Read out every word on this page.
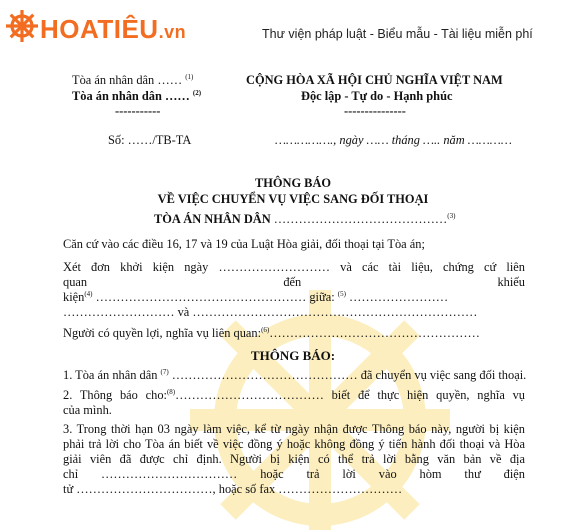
HOATIÊU.vn	Thư viện pháp luật - Biểu mẫu - Tài liệu miễn phí
Tòa án nhân dân …… $^{(1)}$
Tòa án nhân dân …… $^{(2)}$
-----------
CỘNG HÒA XÃ HỘI CHỦ NGHĨA VIỆT NAM
Độc lập - Tự do - Hạnh phúc
---------------
Số: ……/TB-TA	……………., ngày …… tháng ….. năm …………
THÔNG BÁO
VỀ VIỆC CHUYỂN VỤ VIỆC SANG ĐỐI THOẠI
TÒA ÁN NHÂN DÂN ……………………………………$^{(3)}$
Căn cứ vào các điều 16, 17 và 19 của Luật Hòa giải, đối thoại tại Tòa án;
Xét đơn khởi kiện ngày ……………………… và các tài liệu, chứng cứ liên
quan	đến	khiếu
kiện$^{(4)}$ …………………………………………… giữa: $^{(5)}$ ……………………
……………………… và ……………………………………………………………
Người có quyền lợi, nghĩa vụ liên quan:$^{(6)}$……………………………………………
THÔNG BÁO:
1. Tòa án nhân dân $^{(7)}$ ……………………………………… đã chuyển vụ việc sang đối thoại.
2. Thông báo cho:$^{(8)}$……………………………… biết để thực hiện quyền, nghĩa vụ
của mình.
3. Trong thời hạn 03 ngày làm việc, kể từ ngày nhận được Thông báo này, người bị kiện
phải trả lời cho Tòa án biết về việc đồng ý hoặc không đồng ý tiến hành đối thoại và Hòa
giải viên đã được chỉ định. Người bị kiện có thể trả lời bằng văn bản về địa
chỉ …………………………… hoặc trả lời vào hòm thư điện
tử ……………………………, hoặc số fax …………………………
